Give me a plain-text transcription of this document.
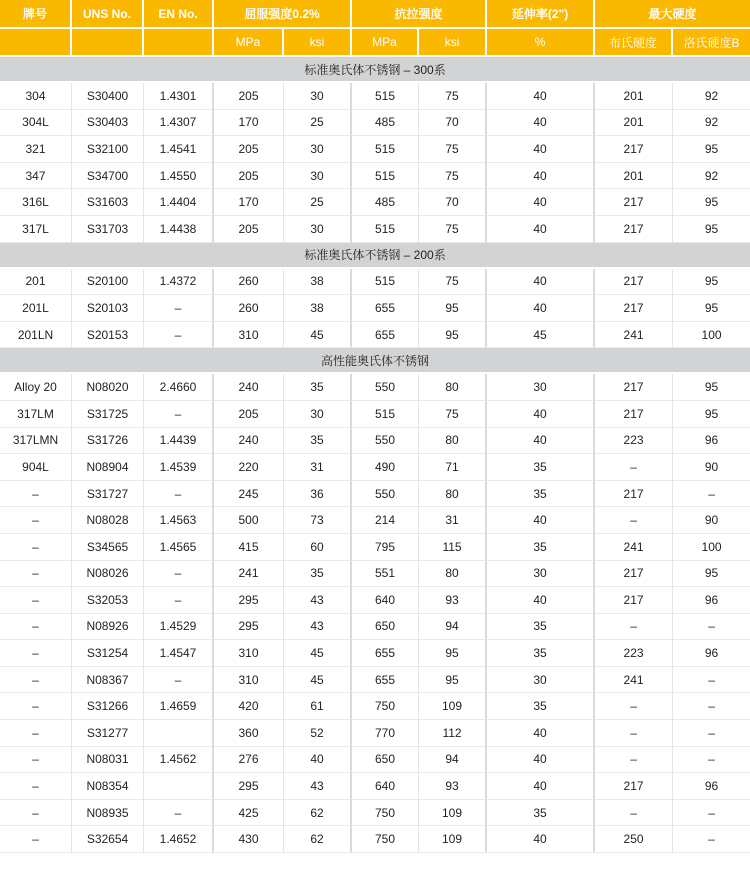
牌号	UNS No.	EN No.	屈服强度0.2%		抗拉强度		延伸率(2")	最大硬度	
			MPa	ksi	MPa	ksi	%	布氏硬度	洛氏硬度B
标准奥氏体不锈钢 – 300系									
304	S30400	1.4301	205	30	515	75	40	201	92
304L	S30403	1.4307	170	25	485	70	40	201	92
321	S32100	1.4541	205	30	515	75	40	217	95
347	S34700	1.4550	205	30	515	75	40	201	92
316L	S31603	1.4404	170	25	485	70	40	217	95
317L	S31703	1.4438	205	30	515	75	40	217	95
标准奥氏体不锈钢 – 200系									
201	S20100	1.4372	260	38	515	75	40	217	95
201L	S20103	–	260	38	655	95	40	217	95
201LN	S20153	–	310	45	655	95	45	241	100
高性能奥氏体不锈钢									
Alloy 20	N08020	2.4660	240	35	550	80	30	217	95
317LM	S31725	–	205	30	515	75	40	217	95
317LMN	S31726	1.4439	240	35	550	80	40	223	96
904L	N08904	1.4539	220	31	490	71	35	–	90
–	S31727	–	245	36	550	80	35	217	–
–	N08028	1.4563	500	73	214	31	40	–	90
–	S34565	1.4565	415	60	795	115	35	241	100
–	N08026	–	241	35	551	80	30	217	95
–	S32053	–	295	43	640	93	40	217	96
–	N08926	1.4529	295	43	650	94	35	–	–
–	S31254	1.4547	310	45	655	95	35	223	96
–	N08367	–	310	45	655	95	30	241	–
–	S31266	1.4659	420	61	750	109	35	–	–
–	S31277		360	52	770	112	40	–	–
–	N08031	1.4562	276	40	650	94	40	–	–
–	N08354		295	43	640	93	40	217	96
–	N08935	–	425	62	750	109	35	–	–
–	S32654	1.4652	430	62	750	109	40	250	–
